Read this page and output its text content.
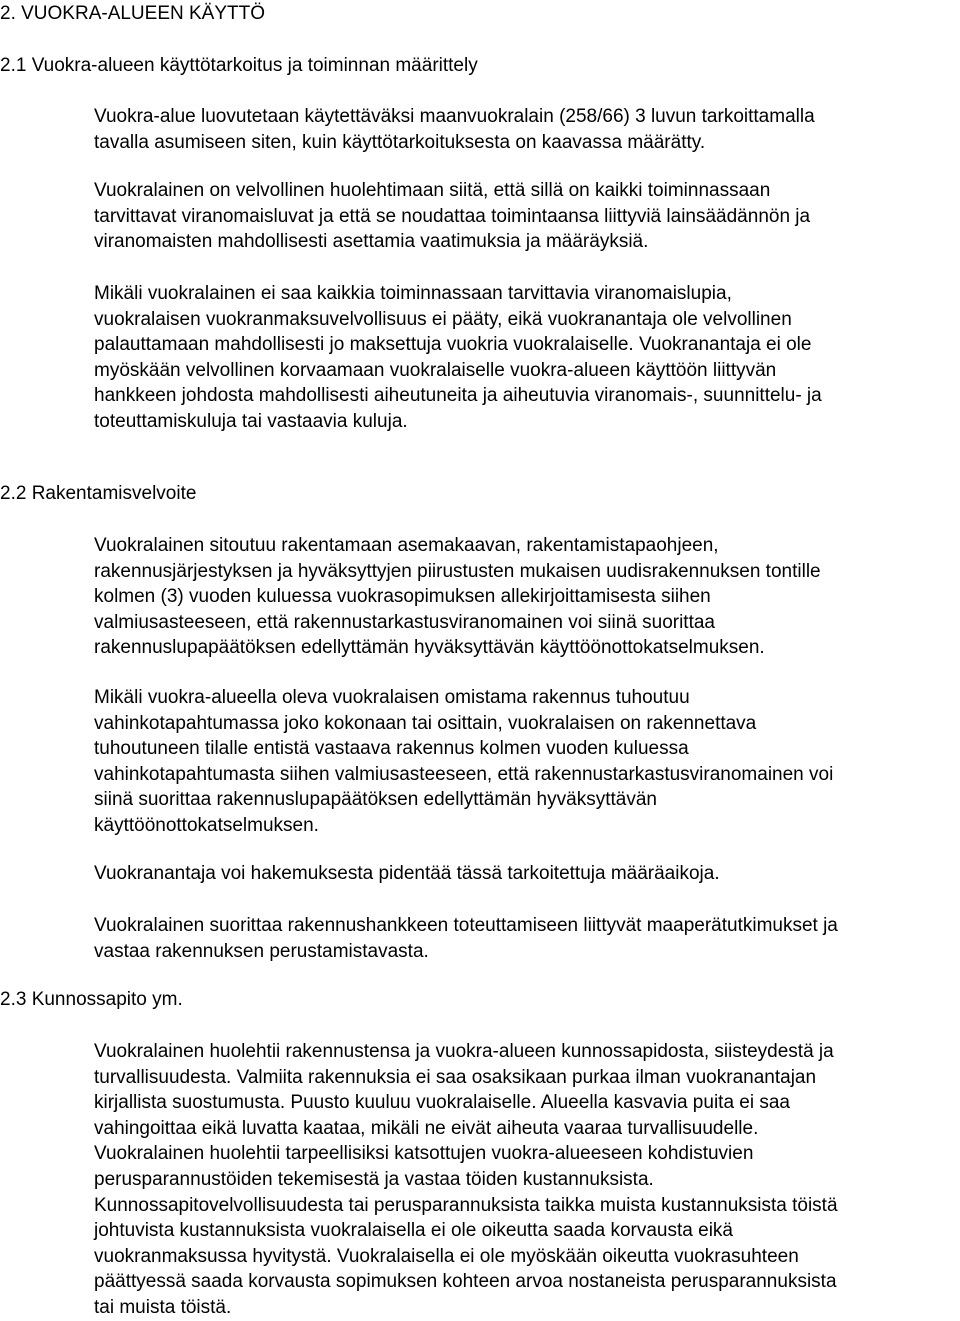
2. VUOKRA-ALUEEN KÄYTTÖ
2.1 Vuokra-alueen käyttötarkoitus ja toiminnan määrittely
Vuokra-alue luovutetaan käytettäväksi maanvuokralain (258/66) 3 luvun tarkoittamalla
tavalla asumiseen siten, kuin käyttötarkoituksesta on kaavassa määrätty.
Vuokralainen on velvollinen huolehtimaan siitä, että sillä on kaikki toiminnassaan
tarvittavat viranomaisluvat ja että se noudattaa toimintaansa liittyviä lainsäädännön ja
viranomaisten mahdollisesti asettamia vaatimuksia ja määräyksiä.
Mikäli vuokralainen ei saa kaikkia toiminnassaan tarvittavia viranomaislupia,
vuokralaisen vuokranmaksuvelvollisuus ei pääty, eikä vuokranantaja ole velvollinen
palauttamaan mahdollisesti jo maksettuja vuokria vuokralaiselle. Vuokranantaja ei ole
myöskään velvollinen korvaamaan vuokralaiselle vuokra-alueen käyttöön liittyvän
hankkeen johdosta mahdollisesti aiheutuneita ja aiheutuvia viranomais-, suunnittelu- ja
toteuttamiskuluja tai vastaavia kuluja.
2.2 Rakentamisvelvoite
Vuokralainen sitoutuu rakentamaan asemakaavan, rakentamistapaohjeen,
rakennusjärjestyksen ja hyväksyttyjen piirustusten mukaisen uudisrakennuksen tontille
kolmen (3) vuoden kuluessa vuokrasopimuksen allekirjoittamisesta siihen
valmiusasteeseen, että rakennustarkastusviranomainen voi siinä suorittaa
rakennuslupapäätöksen edellyttämän hyväksyttävän käyttöönottokatselmuksen.
Mikäli vuokra-alueella oleva vuokralaisen omistama rakennus tuhoutuu
vahinkotapahtumassa joko kokonaan tai osittain, vuokralaisen on rakennettava
tuhoutuneen tilalle entistä vastaava rakennus kolmen vuoden kuluessa
vahinkotapahtumasta siihen valmiusasteeseen, että rakennustarkastusviranomainen voi
siinä suorittaa rakennuslupapäätöksen edellyttämän hyväksyttävän
käyttöönottokatselmuksen.
Vuokranantaja voi hakemuksesta pidentää tässä tarkoitettuja määräaikoja.
Vuokralainen suorittaa rakennushankkeen toteuttamiseen liittyvät maaperätutkimukset ja
vastaa rakennuksen perustamistavasta.
2.3 Kunnossapito ym.
Vuokralainen huolehtii rakennustensa ja vuokra-alueen kunnossapidosta, siisteydestä ja
turvallisuudesta. Valmiita rakennuksia ei saa osaksikaan purkaa ilman vuokranantajan
kirjallista suostumusta. Puusto kuuluu vuokralaiselle. Alueella kasvavia puita ei saa
vahingoittaa eikä luvatta kaataa, mikäli ne eivät aiheuta vaaraa turvallisuudelle.
Vuokralainen huolehtii tarpeellisiksi katsottujen vuokra-alueeseen kohdistuvien
perusparannustöiden tekemisestä ja vastaa töiden kustannuksista.
Kunnossapitovelvollisuudesta tai perusparannuksista taikka muista kustannuksista töistä
johtuvista kustannuksista vuokralaisella ei ole oikeutta saada korvausta eikä
vuokranmaksussa hyvitystä. Vuokralaisella ei ole myöskään oikeutta vuokrasuhteen
päättyessä saada korvausta sopimuksen kohteen arvoa nostaneista perusparannuksista
tai muista töistä.
